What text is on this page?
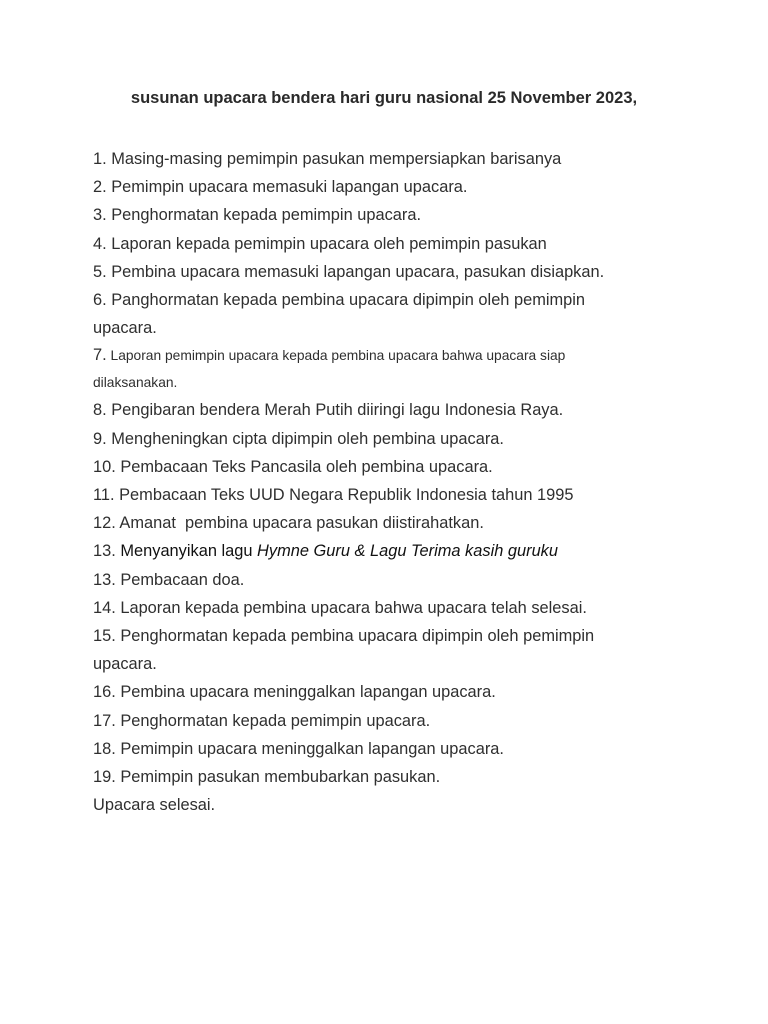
susunan upacara bendera hari guru nasional 25 November 2023,
1. Masing-masing pemimpin pasukan mempersiapkan barisanya
2. Pemimpin upacara memasuki lapangan upacara.
3. Penghormatan kepada pemimpin upacara.
4. Laporan kepada pemimpin upacara oleh pemimpin pasukan
5. Pembina upacara memasuki lapangan upacara, pasukan disiapkan.
6. Panghormatan kepada pembina upacara dipimpin oleh pemimpin
upacara.
7. Laporan pemimpin upacara kepada pembina upacara bahwa upacara siap
dilaksanakan.
8. Pengibaran bendera Merah Putih diiringi lagu Indonesia Raya.
9. Mengheningkan cipta dipimpin oleh pembina upacara.
10. Pembacaan Teks Pancasila oleh pembina upacara.
11. Pembacaan Teks UUD Negara Republik Indonesia tahun 1995
12. Amanat  pembina upacara pasukan diistirahatkan.
13. Menyanyikan lagu Hymne Guru & Lagu Terima kasih guruku
13. Pembacaan doa.
14. Laporan kepada pembina upacara bahwa upacara telah selesai.
15. Penghormatan kepada pembina upacara dipimpin oleh pemimpin
upacara.
16. Pembina upacara meninggalkan lapangan upacara.
17. Penghormatan kepada pemimpin upacara.
18. Pemimpin upacara meninggalkan lapangan upacara.
19. Pemimpin pasukan membubarkan pasukan.
Upacara selesai.
